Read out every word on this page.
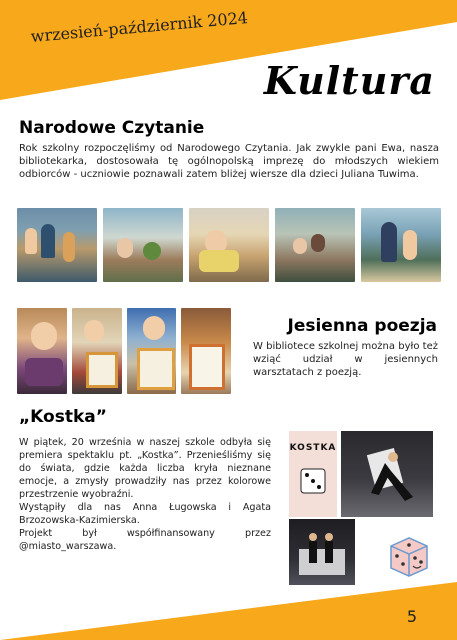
wrzesień-październik 2024
Kultura
Narodowe Czytanie

Rok szkolny rozpoczęliśmy od Narodowego Czytania. Jak zwykle pani Ewa, nasza bibliotekarka, dostosowała tę ogólnopolską imprezę do młodszych wiekiem odbiorców - uczniowie poznawali zatem bliżej wiersze dla dzieci Juliana Tuwima.

Jesienna poezja

W bibliotece szkolnej można było też wziąć udział w jesiennych warsztatach z poezją.

„Kostka”

W piątek, 20 września w naszej szkole odbyła się premiera spektaklu pt. „Kostka”. Przenieśliśmy się do świata, gdzie każda liczba kryła nieznane emocje, a zmysły prowadziły nas przez kolorowe przestrzenie wyobraźni.

Wystąpiły dla nas Anna Ługowska i Agata Brzozowska-Kazimierska.

Projekt był współfinansowany przez @miasto_warszawa.

KOSTKA
5
